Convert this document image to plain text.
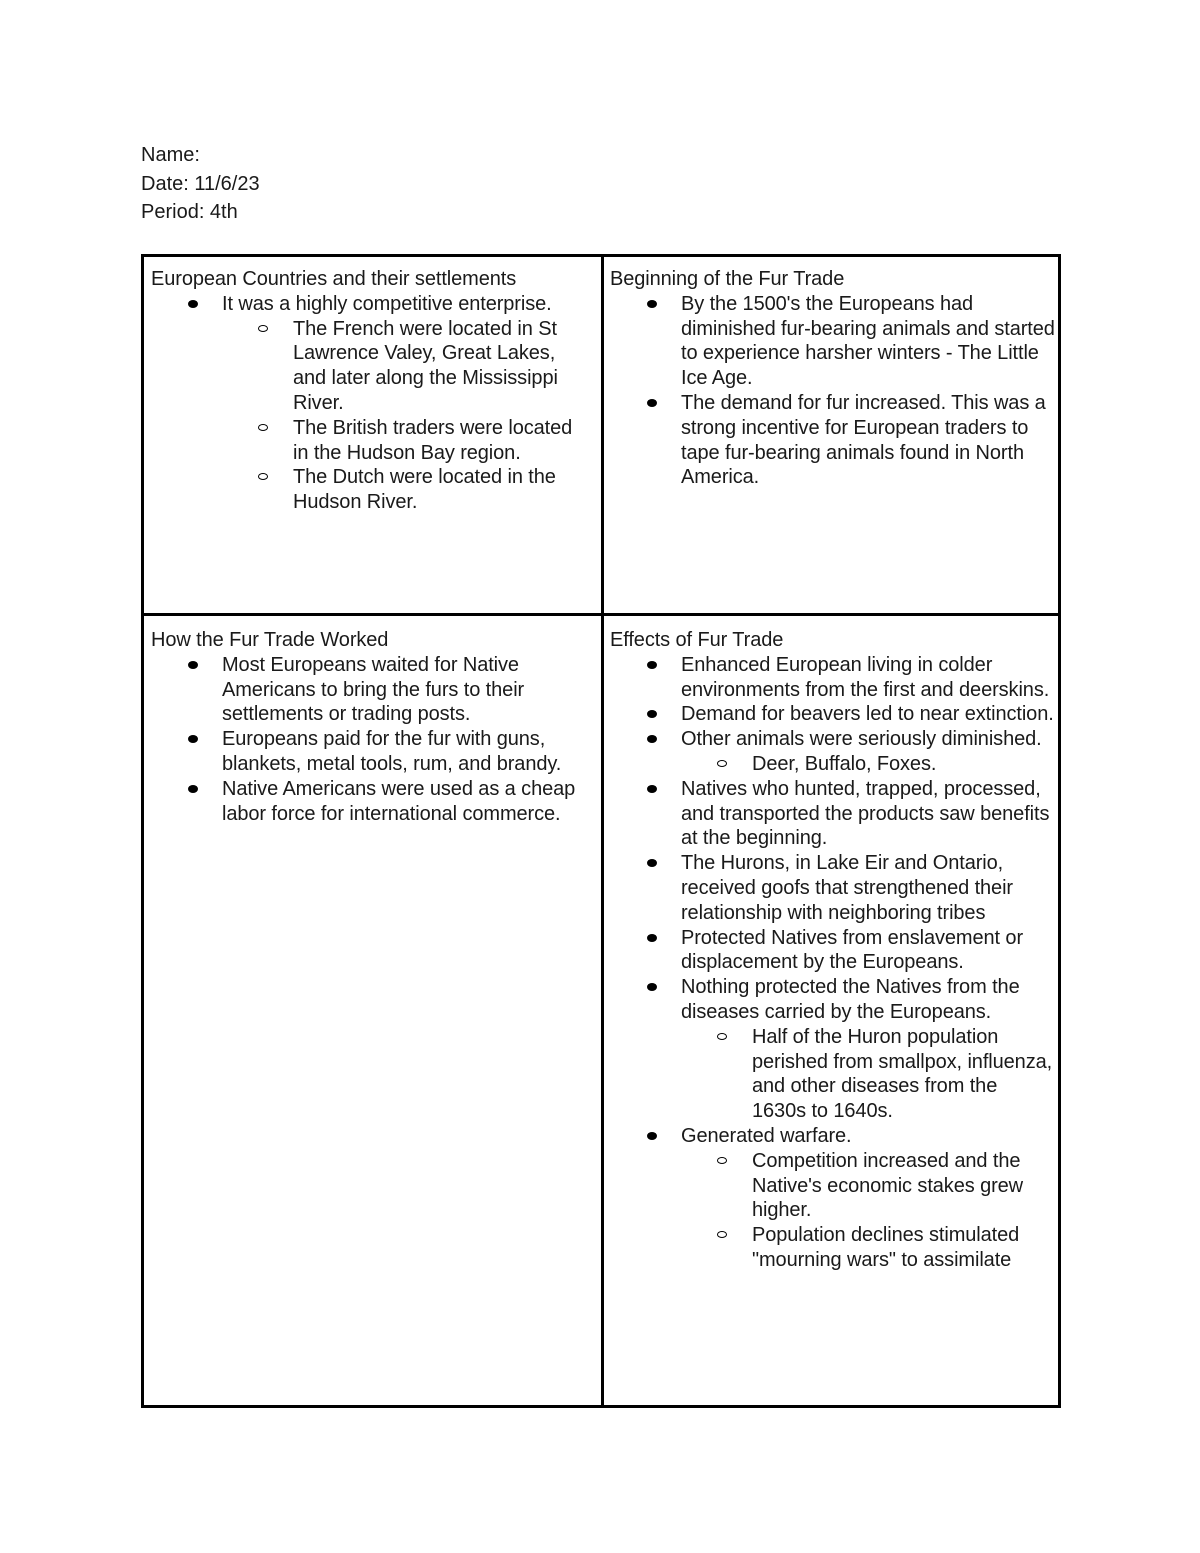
Name:
Date: 11/6/23
Period: 4th
European Countries and their settlements
It was a highly competitive enterprise.
The French were located in St Lawrence Valey, Great Lakes, and later along the Mississippi River.
The British traders were located in the Hudson Bay region.
The Dutch were located in the Hudson River.
Beginning of the Fur Trade
By the 1500's the Europeans had diminished fur-bearing animals and started to experience harsher winters - The Little Ice Age.
The demand for fur increased. This was a strong incentive for European traders to tape fur-bearing animals found in North America.
How the Fur Trade Worked
Most Europeans waited for Native Americans to bring the furs to their settlements or trading posts.
Europeans paid for the fur with guns, blankets, metal tools, rum, and brandy.
Native Americans were used as a cheap labor force for international commerce.
Effects of Fur Trade
Enhanced European living in colder environments from the first and deerskins.
Demand for beavers led to near extinction.
Other animals were seriously diminished.
Deer, Buffalo, Foxes.
Natives who hunted, trapped, processed, and transported the products saw benefits at the beginning.
The Hurons, in Lake Eir and Ontario, received goofs that strengthened their relationship with neighboring tribes
Protected Natives from enslavement or displacement by the Europeans.
Nothing protected the Natives from the diseases carried by the Europeans.
Half of the Huron population perished from smallpox, influenza, and other diseases from the 1630s to 1640s.
Generated warfare.
Competition increased and the Native's economic stakes grew higher.
Population declines stimulated "mourning wars" to assimilate
